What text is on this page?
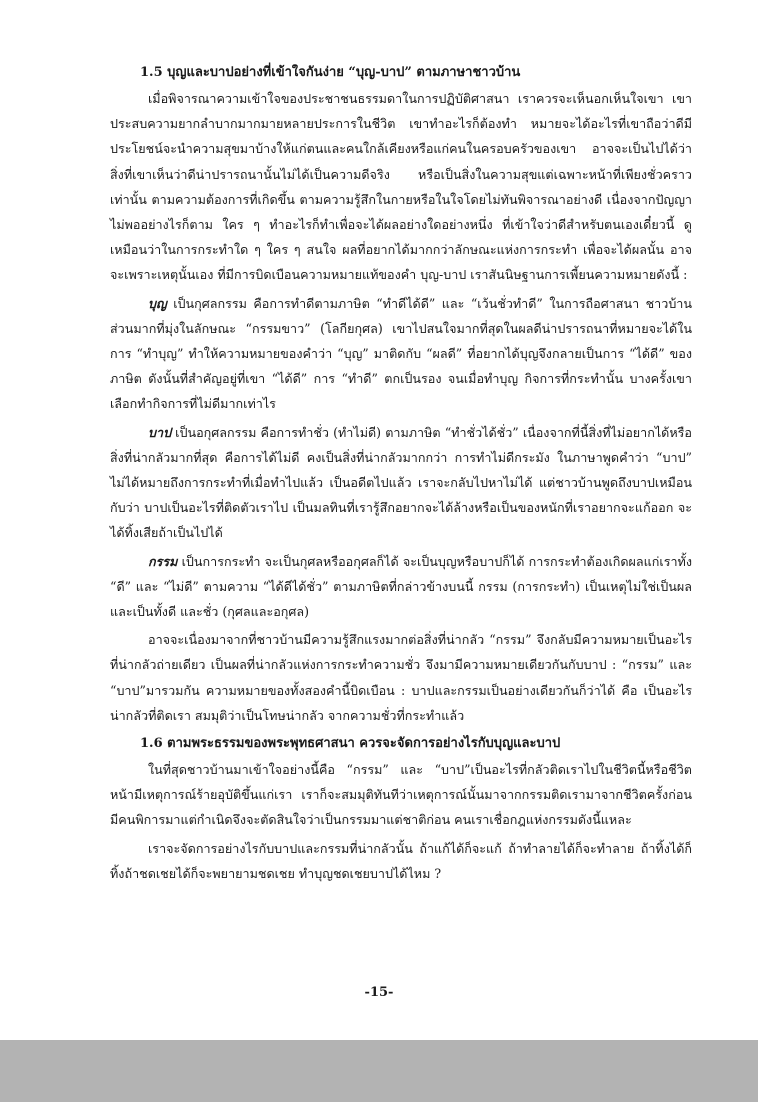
1.5 บุญและบาปอย่างที่เข้าใจกันง่าย “บุญ-บาป” ตามภาษาชาวบ้าน

เมื่อพิจารณาความเข้าใจของประชาชนธรรมดาในการปฏิบัติศาสนา เราควรจะเห็นอกเห็นใจเขา เขาประสบความยากลำบากมากมายหลายประการในชีวิต เขาทำอะไรก็ต้องทำ หมายจะได้อะไรที่เขาถือว่าดีมีประโยชน์จะนำความสุขมาบ้างให้แก่ตนและคนใกล้เคียงหรือแก่คนในครอบครัวของเขา อาจจะเป็นไปได้ว่าสิ่งที่เขาเห็นว่าดีน่าปรารถนานั้นไม่ได้เป็นความดีจริง หรือเป็นสิ่งในความสุขแต่เฉพาะหน้าที่เพียงชั่วคราวเท่านั้น ตามความต้องการที่เกิดขึ้น ตามความรู้สึกในกายหรือในใจโดยไม่ทันพิจารณาอย่างดี เนื่องจากปัญญาไม่พออย่างไรก็ตาม ใคร ๆ ทำอะไรก็ทำเพื่อจะได้ผลอย่างใดอย่างหนึ่ง ที่เข้าใจว่าดีสำหรับตนเองเดี๋ยวนี้ ดูเหมือนว่าในการกระทำใด ๆ ใคร ๆ สนใจ ผลที่อยากได้มากกว่าลักษณะแห่งการกระทำ เพื่อจะได้ผลนั้น อาจจะเพราะเหตุนั้นเอง ที่มีการบิดเบือนความหมายแท้ของคำ บุญ-บาป เราสันนิษฐานการเพี้ยนความหมายดังนี้ :

บุญ เป็นกุศลกรรม คือการทำดีตามภาษิต “ทำดีได้ดี” และ “เว้นชั่วทำดี” ในการถือศาสนา ชาวบ้านส่วนมากที่มุ่งในลักษณะ “กรรมขาว” (โลกียกุศล) เขาไปสนใจมากที่สุดในผลดีน่าปรารถนาที่หมายจะได้ในการ “ทำบุญ” ทำให้ความหมายของคำว่า “บุญ” มาติดกับ “ผลดี” ที่อยากได้บุญจึงกลายเป็นการ “ได้ดี” ของภาษิต ดังนั้นที่สำคัญอยู่ที่เขา “ได้ดี” การ “ทำดี” ตกเป็นรอง จนเมื่อทำบุญ กิจการที่กระทำนั้น บางครั้งเขาเลือกทำกิจการที่ไม่ดีมากเท่าไร

บาป เป็นอกุศลกรรม คือการทำชั่ว (ทำไม่ดี) ตามภาษิต “ทำชั่วได้ชั่ว” เนื่องจากที่นี้สิ่งที่ไม่อยากได้หรือสิ่งที่น่ากลัวมากที่สุด คือการได้ไม่ดี คงเป็นสิ่งที่น่ากลัวมากกว่า การทำไม่ดีกระมัง ในภาษาพูดคำว่า “บาป” ไม่ได้หมายถึงการกระทำที่เมื่อทำไปแล้ว เป็นอดีตไปแล้ว เราจะกลับไปหาไม่ได้ แต่ชาวบ้านพูดถึงบาปเหมือนกับว่า บาปเป็นอะไรที่ติดตัวเราไป เป็นมลทินที่เรารู้สึกอยากจะได้ล้างหรือเป็นของหนักที่เราอยากจะแก้ออก จะได้ทิ้งเสียถ้าเป็นไปได้

กรรม เป็นการกระทำ จะเป็นกุศลหรืออกุศลก็ได้ จะเป็นบุญหรือบาปก็ได้ การกระทำต้องเกิดผลแก่เราทั้ง “ดี” และ “ไม่ดี” ตามความ “ได้ดีได้ชั่ว” ตามภาษิตที่กล่าวข้างบนนี้ กรรม (การกระทำ) เป็นเหตุไม่ใช่เป็นผล และเป็นทั้งดี และชั่ว (กุศลและอกุศล)

อาจจะเนื่องมาจากที่ชาวบ้านมีความรู้สึกแรงมากต่อสิ่งที่น่ากลัว “กรรม” จึงกลับมีความหมายเป็นอะไรที่น่ากลัวถ่ายเดียว เป็นผลที่น่ากลัวแห่งการกระทำความชั่ว จึงมามีความหมายเดียวกันกับบาป : “กรรม” และ “บาป”มารวมกัน ความหมายของทั้งสองคำนี้บิดเบือน : บาปและกรรมเป็นอย่างเดียวกันก็ว่าได้ คือ เป็นอะไรน่ากลัวที่ติดเรา สมมุติว่าเป็นโทษน่ากลัว จากความชั่วที่กระทำแล้ว

1.6 ตามพระธรรมของพระพุทธศาสนา ควรจะจัดการอย่างไรกับบุญและบาป

ในที่สุดชาวบ้านมาเข้าใจอย่างนี้คือ “กรรม” และ “บาป”เป็นอะไรที่กลัวติดเราไปในชีวิตนี้หรือชีวิตหน้ามีเหตุการณ์ร้ายอุบัติขึ้นแก่เรา เราก็จะสมมุติทันทีว่าเหตุการณ์นั้นมาจากกรรมติดเรามาจากชีวิตครั้งก่อน มีคนพิการมาแต่กำเนิดจึงจะตัดสินใจว่าเป็นกรรมมาแต่ชาติก่อน คนเราเชื่อกฎแห่งกรรมดังนี้แหละ

เราจะจัดการอย่างไรกับบาปและกรรมที่น่ากลัวนั้น ถ้าแก้ได้ก็จะแก้ ถ้าทำลายได้ก็จะทำลาย ถ้าทิ้งได้ก็ทิ้งถ้าชดเชยได้ก็จะพยายามชดเชย ทำบุญชดเชยบาปได้ไหม ?

-15-
